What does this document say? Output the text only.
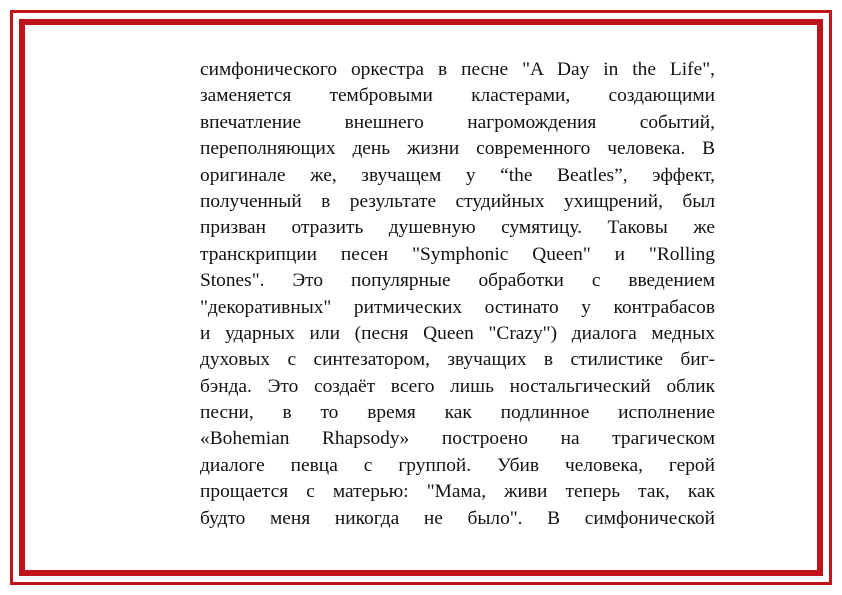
симфонического оркестра в песне "A Day in the Life",
заменяется тембровыми кластерами, создающими
впечатление внешнего нагромождения событий,
переполняющих день жизни современного человека. В
оригинале же, звучащем у “the Beatles”, эффект,
полученный в результате студийных ухищрений, был
призван отразить душевную сумятицу. Таковы же
транскрипции песен "Symphonic Queen" и "Rolling
Stones". Это популярные обработки с введением
"декоративных" ритмических остинато у контрабасов
и ударных или (песня Queen "Crazy") диалога медных
духовых с синтезатором, звучащих в стилистике биг-
бэнда. Это создаёт всего лишь ностальгический облик
песни, в то время как подлинное исполнение
«Bohemian Rhapsody» построено на трагическом
диалоге певца с группой. Убив человека, герой
прощается с матерью: "Мама, живи теперь так, как
будто меня никогда не было". В симфонической
